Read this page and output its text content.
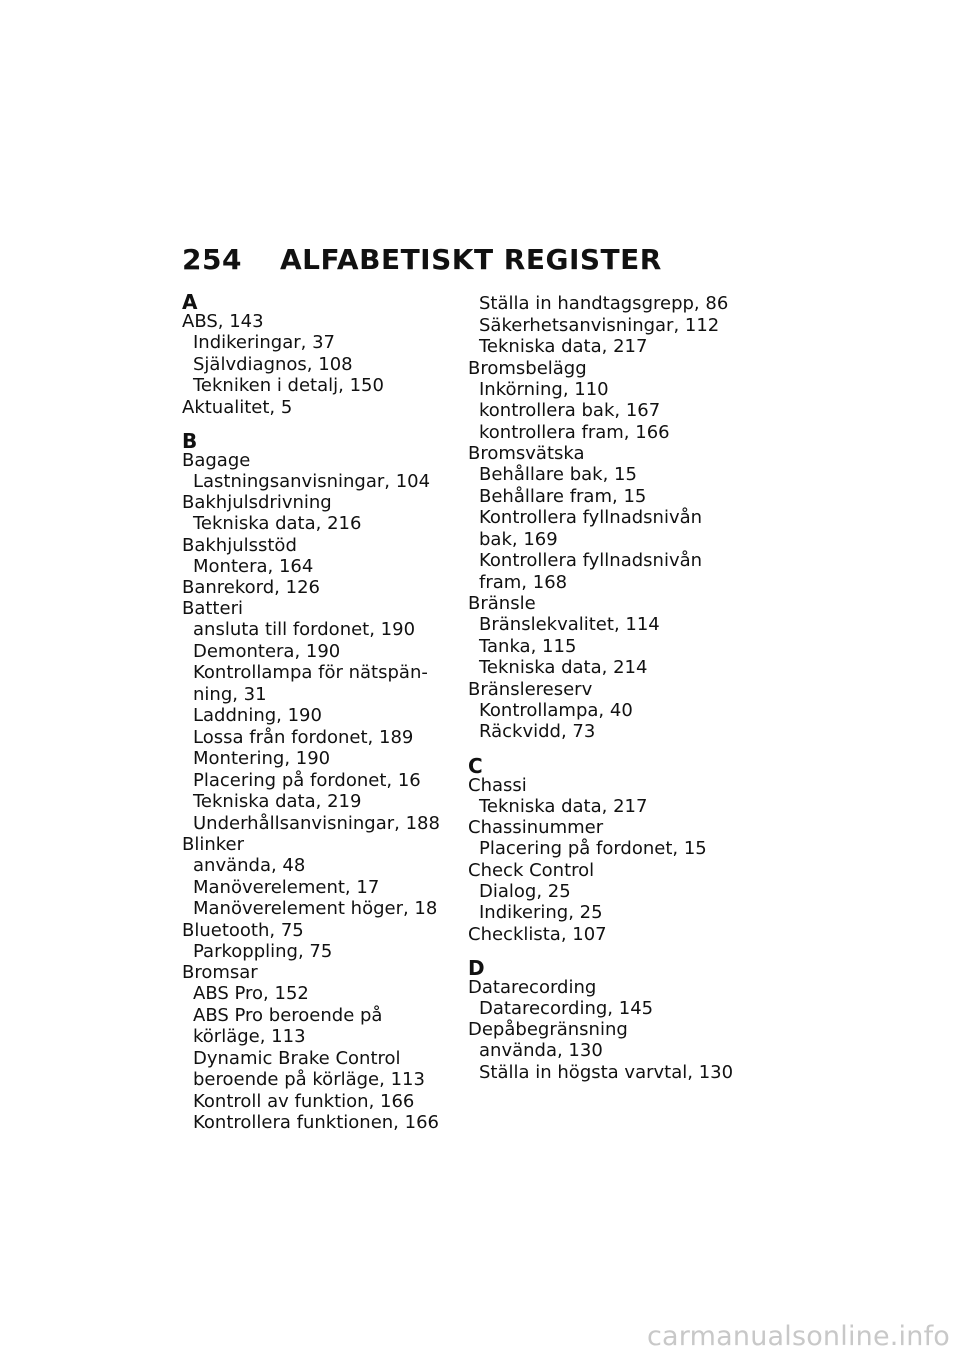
254 ALFABETISKT REGISTER
A
ABS, 143
Indikeringar, 37
Självdiagnos, 108
Tekniken i detalj, 150
Aktualitet, 5
B
Bagage
Lastningsanvisningar, 104
Bakhjulsdrivning
Tekniska data, 216
Bakhjulsstöd
Montera, 164
Banrekord, 126
Batteri
ansluta till fordonet, 190
Demontera, 190
Kontrollampa för nätspän-
ning, 31
Laddning, 190
Lossa från fordonet, 189
Montering, 190
Placering på fordonet, 16
Tekniska data, 219
Underhållsanvisningar, 188
Blinker
använda, 48
Manöverelement, 17
Manöverelement höger, 18
Bluetooth, 75
Parkoppling, 75
Bromsar
ABS Pro, 152
ABS Pro beroende på
körläge, 113
Dynamic Brake Control
beroende på körläge, 113
Kontroll av funktion, 166
Kontrollera funktionen, 166
Ställa in handtagsgrepp, 86
Säkerhetsanvisningar, 112
Tekniska data, 217
Bromsbelägg
Inkörning, 110
kontrollera bak, 167
kontrollera fram, 166
Bromsvätska
Behållare bak, 15
Behållare fram, 15
Kontrollera fyllnadsnivån
bak, 169
Kontrollera fyllnadsnivån
fram, 168
Bränsle
Bränslekvalitet, 114
Tanka, 115
Tekniska data, 214
Bränslereserv
Kontrollampa, 40
Räckvidd, 73
C
Chassi
Tekniska data, 217
Chassinummer
Placering på fordonet, 15
Check Control
Dialog, 25
Indikering, 25
Checklista, 107
D
Datarecording
Datarecording, 145
Depåbegränsning
använda, 130
Ställa in högsta varvtal, 130
carmanualsonline.info
